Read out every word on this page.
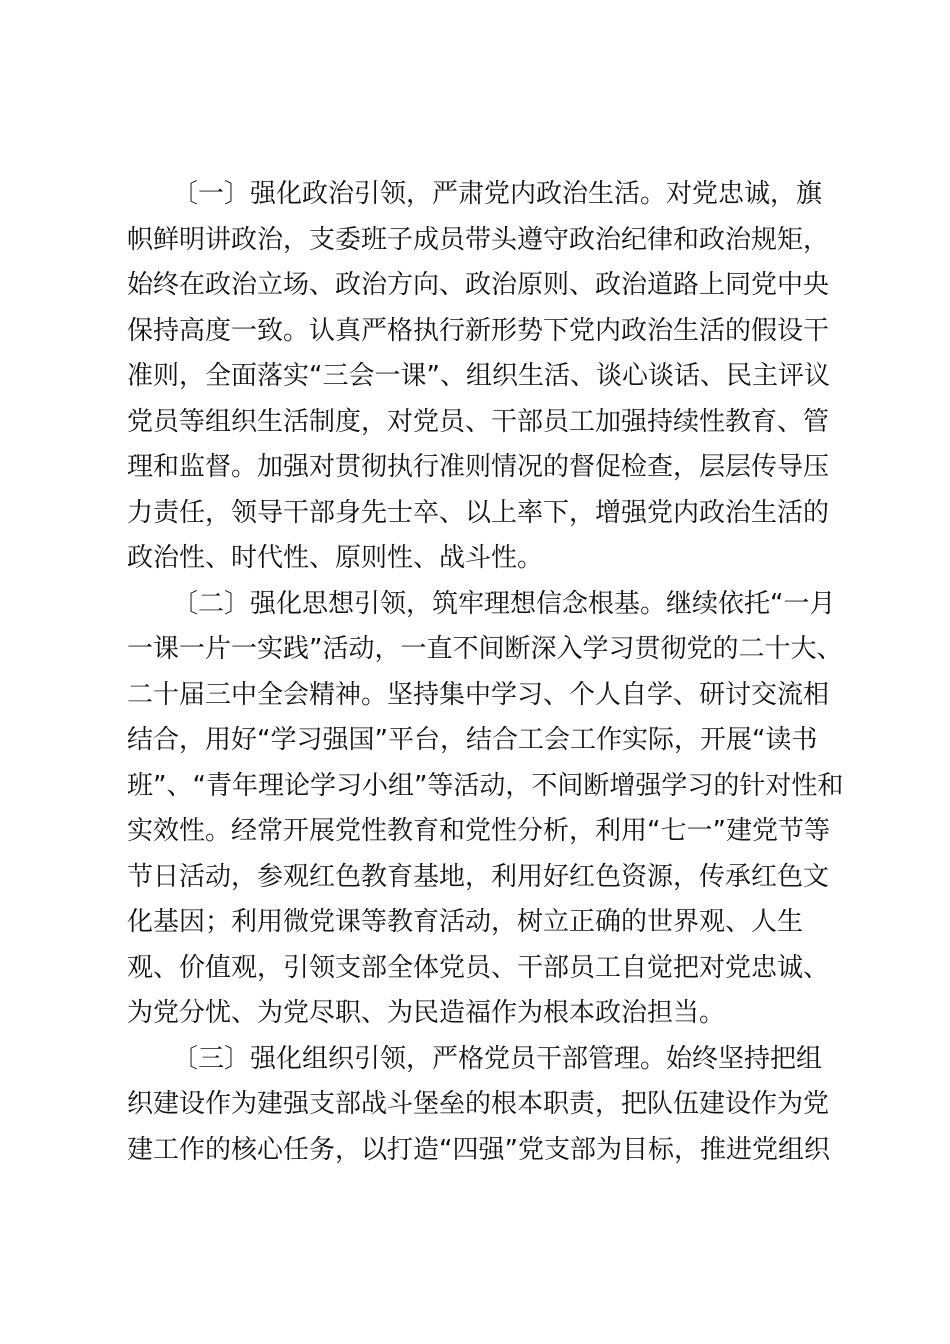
〔一〕强化政治引领，严肃党内政治生活。对党忠诚，旗
帜鲜明讲政治，支委班子成员带头遵守政治纪律和政治规矩，
始终在政治立场、政治方向、政治原则、政治道路上同党中央
保持高度一致。认真严格执行新形势下党内政治生活的假设干
准则，全面落实“三会一课”、组织生活、谈心谈话、民主评议
党员等组织生活制度，对党员、干部员工加强持续性教育、管
理和监督。加强对贯彻执行准则情况的督促检查，层层传导压
力责任，领导干部身先士卒、以上率下，增强党内政治生活的
政治性、时代性、原则性、战斗性。
〔二〕强化思想引领，筑牢理想信念根基。继续依托“一月
一课一片一实践”活动，一直不间断深入学习贯彻党的二十大、
二十届三中全会精神。坚持集中学习、个人自学、研讨交流相
结合，用好“学习强国”平台，结合工会工作实际，开展“读书
班”、“青年理论学习小组”等活动，不间断增强学习的针对性和
实效性。经常开展党性教育和党性分析，利用“七一”建党节等
节日活动，参观红色教育基地，利用好红色资源，传承红色文
化基因；利用微党课等教育活动，树立正确的世界观、人生
观、价值观，引领支部全体党员、干部员工自觉把对党忠诚、
为党分忧、为党尽职、为民造福作为根本政治担当。
〔三〕强化组织引领，严格党员干部管理。始终坚持把组
织建设作为建强支部战斗堡垒的根本职责，把队伍建设作为党
建工作的核心任务，以打造“四强”党支部为目标，推进党组织
